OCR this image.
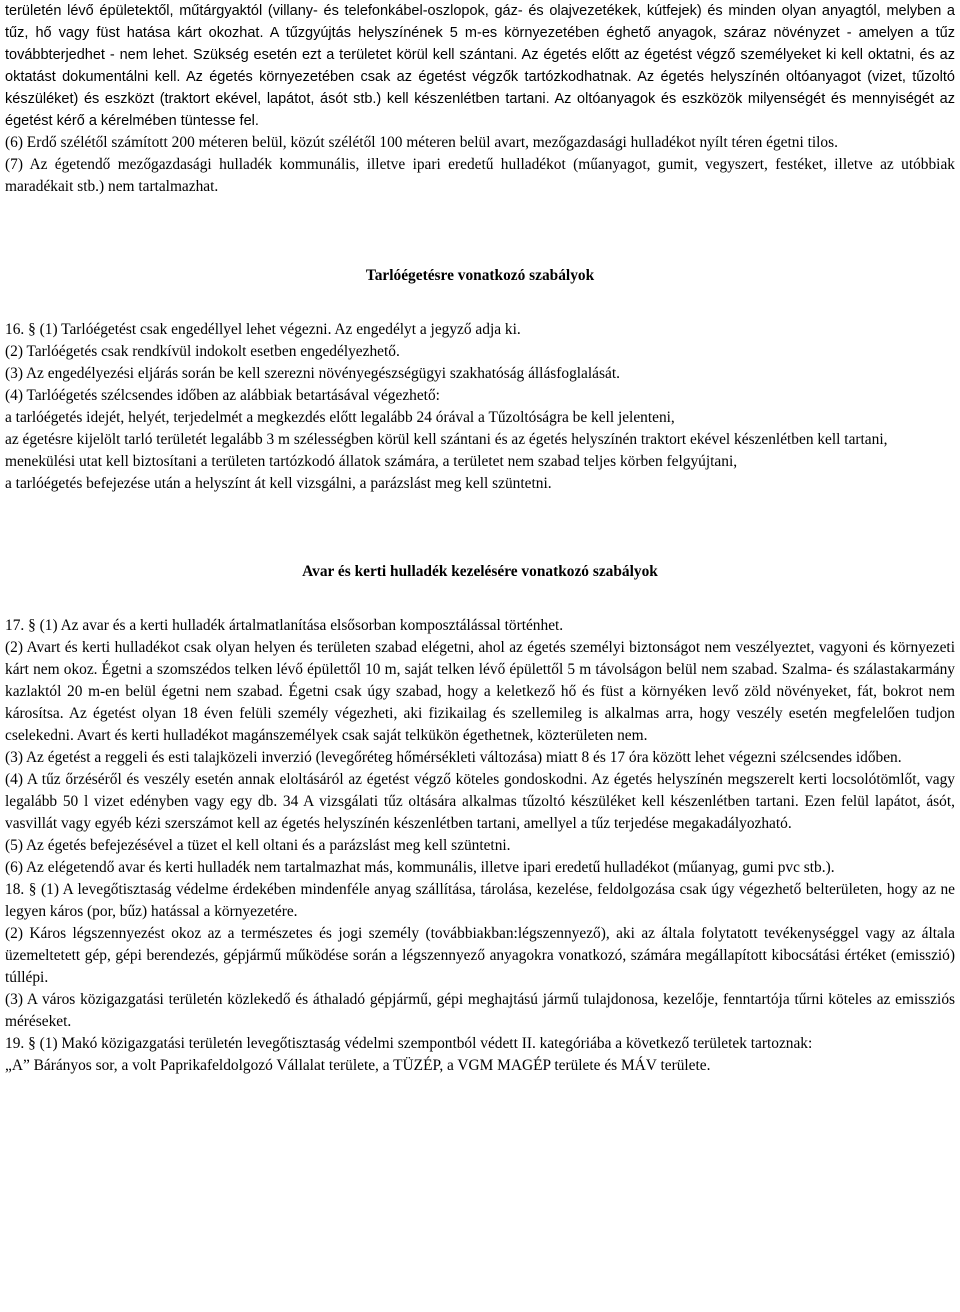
területén lévő épületektől, műtárgyaktól (villany- és telefonkábel-oszlopok, gáz- és olajvezetékek, kútfejek) és minden olyan anyagtól, melyben a tűz, hő vagy füst hatása kárt okozhat. A tűzgyújtás helyszínének 5 m-es környezetében éghető anyagok, száraz növényzet - amelyen a tűz továbbterjedhet - nem lehet. Szükség esetén ezt a területet körül kell szántani. Az égetés előtt az égetést végző személyeket ki kell oktatni, és az oktatást dokumentálni kell. Az égetés környezetében csak az égetést végzők tartózkodhatnak. Az égetés helyszínén oltóanyagot (vizet, tűzoltó készüléket) és eszközt (traktort ekével, lapátot, ásót stb.) kell készenlétben tartani. Az oltóanyagok és eszközök milyenségét és mennyiségét az égetést kérő a kérelmében tüntesse fel.

(6) Erdő szélétől számított 200 méteren belül, közút szélétől 100 méteren belül avart, mezőgazdasági hulladékot nyílt téren égetni tilos.

(7) Az égetendő mezőgazdasági hulladék kommunális, illetve ipari eredetű hulladékot (műanyagot, gumit, vegyszert, festéket, illetve az utóbbiak maradékait stb.) nem tartalmazhat.

Tarlóégetésre vonatkozó szabályok

16. § (1) Tarlóégetést csak engedéllyel lehet végezni. Az engedélyt a jegyző adja ki.

(2) Tarlóégetés csak rendkívül indokolt esetben engedélyezhető.

(3) Az engedélyezési eljárás során be kell szerezni növényegészségügyi szakhatóság állásfoglalását.

(4) Tarlóégetés szélcsendes időben az alábbiak betartásával végezhető:

a tarlóégetés idejét, helyét, terjedelmét a megkezdés előtt legalább 24 órával a Tűzoltóságra be kell jelenteni,

az égetésre kijelölt tarló területét legalább 3 m szélességben körül kell szántani és az égetés helyszínén traktort ekével készenlétben kell tartani,

menekülési utat kell biztosítani a területen tartózkodó állatok számára, a területet nem szabad teljes körben felgyújtani,

a tarlóégetés befejezése után a helyszínt át kell vizsgálni, a parázslást meg kell szüntetni.

Avar és kerti hulladék kezelésére vonatkozó szabályok

17. § (1) Az avar és a kerti hulladék ártalmatlanítása elsősorban komposztálással történhet.

(2) Avart és kerti hulladékot csak olyan helyen és területen szabad elégetni, ahol az égetés személyi biztonságot nem veszélyeztet, vagyoni és környezeti kárt nem okoz. Égetni a szomszédos telken lévő épülettől 10 m, saját telken lévő épülettől 5 m távolságon belül nem szabad. Szalma- és szálastakarmány kazlaktól 20 m-en belül égetni nem szabad. Égetni csak úgy szabad, hogy a keletkező hő és füst a környéken levő zöld növényeket, fát, bokrot nem károsítsa. Az égetést olyan 18 éven felüli személy végezheti, aki fizikailag és szellemileg is alkalmas arra, hogy veszély esetén megfelelően tudjon cselekedni. Avart és kerti hulladékot magánszemélyek csak saját telkükön égethetnek, közterületen nem.

(3) Az égetést a reggeli és esti talajközeli inverzió (levegőréteg hőmérsékleti változása) miatt 8 és 17 óra között lehet végezni szélcsendes időben.

(4) A tűz őrzéséről és veszély esetén annak eloltásáról az égetést végző köteles gondoskodni. Az égetés helyszínén megszerelt kerti locsolótömlőt, vagy legalább 50 l vizet edényben vagy egy db. 34 A vizsgálati tűz oltására alkalmas tűzoltó készüléket kell készenlétben tartani. Ezen felül lapátot, ásót, vasvillát vagy egyéb kézi szerszámot kell az égetés helyszínén készenlétben tartani, amellyel a tűz terjedése megakadályozható.

(5) Az égetés befejezésével a tüzet el kell oltani és a parázslást meg kell szüntetni.

(6) Az elégetendő avar és kerti hulladék nem tartalmazhat más, kommunális, illetve ipari eredetű hulladékot (műanyag, gumi pvc stb.).

18. § (1) A levegőtisztaság védelme érdekében mindenféle anyag szállítása, tárolása, kezelése, feldolgozása csak úgy végezhető belterületen, hogy az ne legyen káros (por, bűz) hatással a környezetére.

(2) Káros légszennyezést okoz az a természetes és jogi személy (továbbiakban:légszennyező), aki az általa folytatott tevékenységgel vagy az általa üzemeltetett gép, gépi berendezés, gépjármű működése során a légszennyező anyagokra vonatkozó, számára megállapított kibocsátási értéket (emisszió) túllépi.

(3) A város közigazgatási területén közlekedő és áthaladó gépjármű, gépi meghajtású jármű tulajdonosa, kezelője, fenntartója tűrni köteles az emissziós méréseket.

19. § (1) Makó közigazgatási területén levegőtisztaság védelmi szempontból védett II. kategóriába a következő területek tartoznak:

„A” Bárányos sor, a volt Paprikafeldolgozó Vállalat területe, a TÜZÉP, a VGM MAGÉP területe és MÁV területe.
